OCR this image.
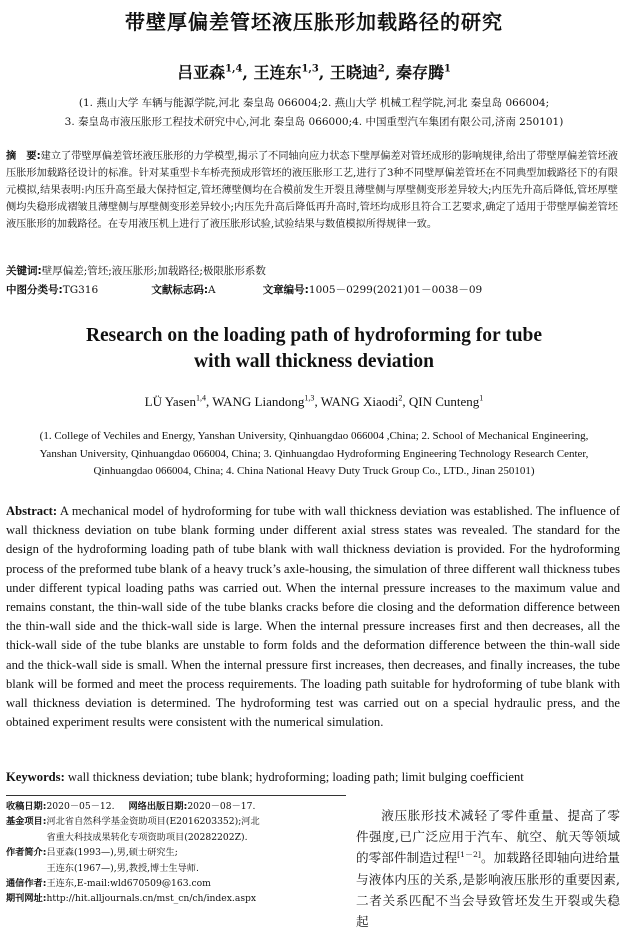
带壁厚偏差管坯液压胀形加载路径的研究
吕亚森$^{1,4}$, 王连东$^{1,3}$, 王晓迪$^2$, 秦存腾$^1$
(1. 燕山大学 车辆与能源学院,河北 秦皇岛 066004;2. 燕山大学 机械工程学院,河北 秦皇岛 066004;
3. 秦皇岛市液压胀形工程技术研究中心,河北 秦皇岛 066000;4. 中国重型汽车集团有限公司,济南 250101)
摘　要:建立了带壁厚偏差管坯液压胀形的力学模型,揭示了不同轴向应力状态下壁厚偏差对管坯成形的影响规律,给出了带壁厚偏差管坯液压胀形加载路径设计的标准。针对某重型卡车桥壳预成形管坯的液压胀形工艺,进行了3种不同壁厚偏差管坯在不同典型加载路径下的有限元模拟,结果表明:内压升高至最大保持恒定,管坯薄壁侧均在合模前发生开裂且薄壁侧与厚壁侧变形差异较大;内压先升高后降低,管坯厚壁侧均失稳形成褶皱且薄壁侧与厚壁侧变形差异较小;内压先升高后降低再升高时,管坯均成形且符合工艺要求,确定了适用于带壁厚偏差管坯液压胀形的加载路径。在专用液压机上进行了液压胀形试验,试验结果与数值模拟所得规律一致。
关键词:壁厚偏差;管坯;液压胀形;加载路径;极限胀形系数
中图分类号:TG316	文献标志码:A	文章编号:1005－0299(2021)01－0038－09
Research on the loading path of hydroforming for tube
with wall thickness deviation
LÜ Yasen$^{1,4}$, WANG Liandong$^{1,3}$, WANG Xiaodi$^2$, QIN Cunteng$^1$
(1. College of Vechiles and Energy, Yanshan University, Qinhuangdao 066004 ,China; 2. School of Mechanical Engineering,
Yanshan University, Qinhuangdao 066004, China; 3. Qinhuangdao Hydroforming Engineering Technology Research Center,
Qinhuangdao 066004, China; 4. China National Heavy Duty Truck Group Co., LTD., Jinan 250101)
Abstract: A mechanical model of hydroforming for tube with wall thickness deviation was established. The influence of wall thickness deviation on tube blank forming under different axial stress states was revealed. The standard for the design of the hydroforming loading path of tube blank with wall thickness deviation is provided. For the hydroforming process of the preformed tube blank of a heavy truck’s axle-housing, the simulation of three different wall thickness tubes under different typical loading paths was carried out. When the internal pressure increases to the maximum value and remains constant, the thin-wall side of the tube blanks cracks before die closing and the deformation difference between the thin-wall side and the thick-wall side is large. When the internal pressure increases first and then decreases, all the thick-wall side of the tube blanks are unstable to form folds and the deformation difference between the thin-wall side and the thick-wall side is small. When the internal pressure first increases, then decreases, and finally increases, the tube blank will be formed and meet the process requirements. The loading path suitable for hydroforming of tube blank with wall thickness deviation is determined. The hydroforming test was carried out on a special hydraulic press, and the obtained experiment results were consistent with the numerical simulation.
Keywords: wall thickness deviation; tube blank; hydroforming; loading path; limit bulging coefficient
收稿日期: 2020－05－12. 网络出版日期:2020－08－17.
基金项目: 河北省自然科学基金资助项目(E2016203352);河北
省重大科技成果转化专项资助项目(20282202Z).
作者简介: 吕亚森(1993—),男,硕士研究生;
王连东(1967—),男,教授,博士生导师.
通信作者: 王连东,E-mail:wld670509@163.com
期刊网址: http://hit.alljournals.cn/mst_cn/ch/index.aspx
液压胀形技术减轻了零件重量、提高了零件强度,已广泛应用于汽车、航空、航天等领域的零部件制造过程[1－2]。加载路径即轴向进给量与液体内压的关系,是影响液压胀形的重要因素,二者关系匹配不当会导致管坯发生开裂或失稳起
